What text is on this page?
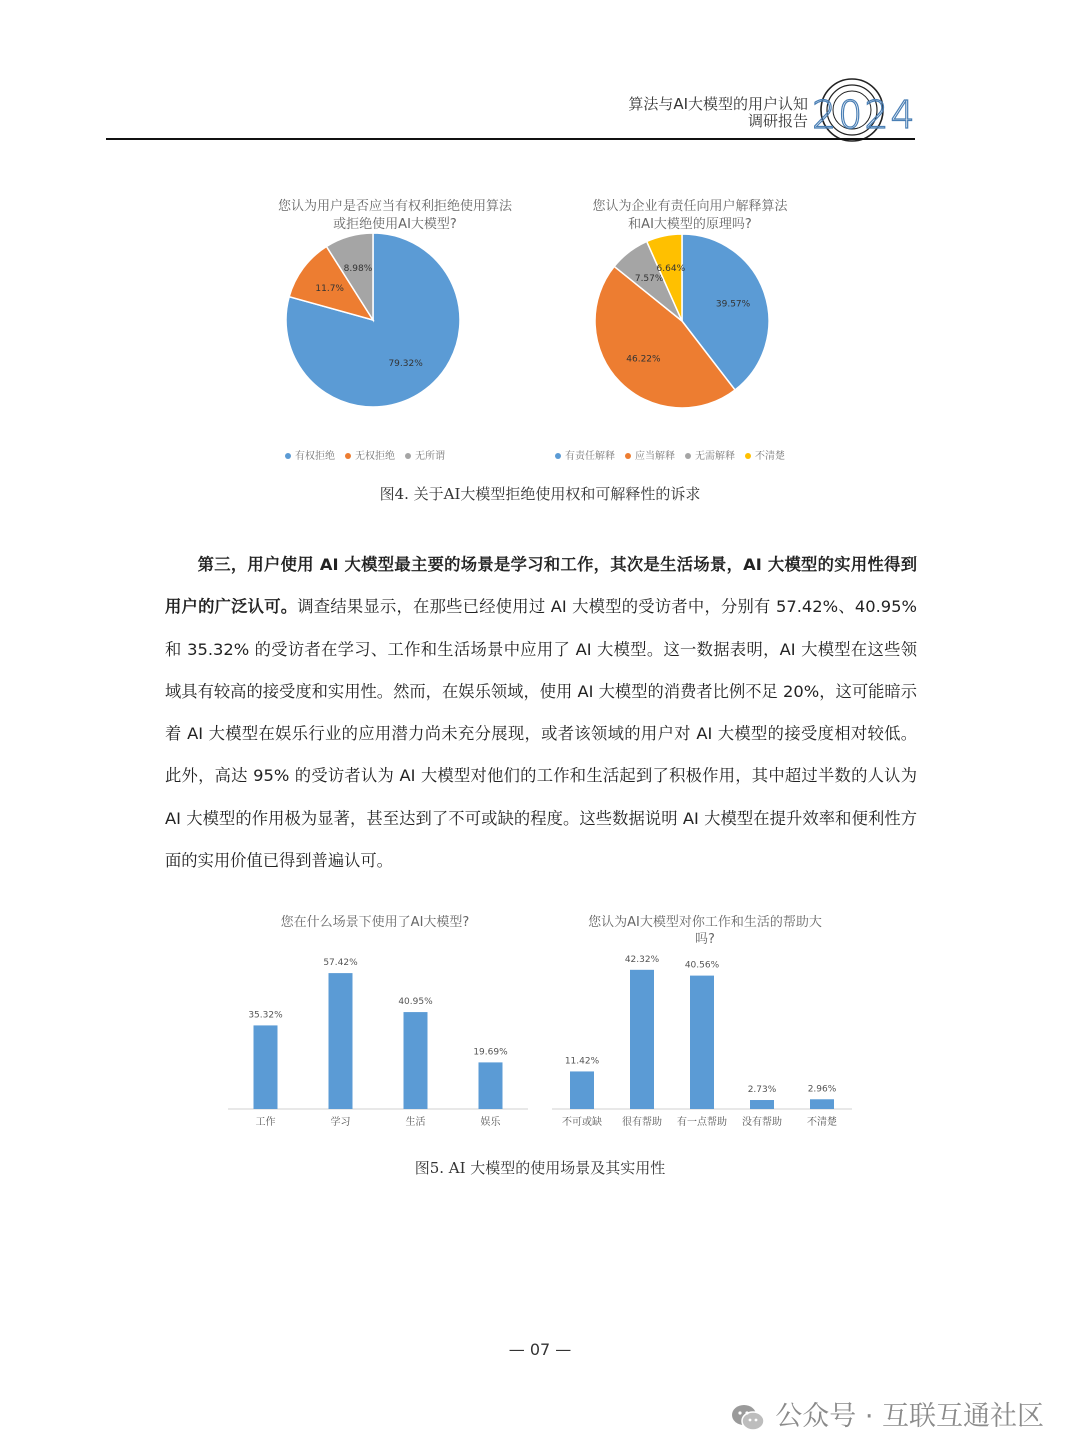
算法与AI大模型的用户认知
调研报告 2024
您认为用户是否应当有权利拒绝使用算法
或拒绝使用AI大模型?
79.32%
11.7%
8.98%
有权拒绝 无权拒绝 无所谓
您认为企业有责任向用户解释算法
和AI大模型的原理吗?
39.57%
46.22%
7.57%
6.64%
有责任解释 应当解释 无需解释 不清楚
图4. 关于AI大模型拒绝使用权和可解释性的诉求
第三，用户使用 AI 大模型最主要的场景是学习和工作，其次是生活场景，AI 大模型的实用性得到用户的广泛认可。调查结果显示，在那些已经使用过 AI 大模型的受访者中，分别有 57.42%、40.95% 和 35.32% 的受访者在学习、工作和生活场景中应用了 AI 大模型。这一数据表明，AI 大模型在这些领域具有较高的接受度和实用性。然而，在娱乐领域，使用 AI 大模型的消费者比例不足 20%，这可能暗示着 AI 大模型在娱乐行业的应用潜力尚未充分展现，或者该领域的用户对 AI 大模型的接受度相对较低。此外，高达 95% 的受访者认为 AI 大模型对他们的工作和生活起到了积极作用，其中超过半数的人认为 AI 大模型的作用极为显著，甚至达到了不可或缺的程度。这些数据说明 AI 大模型在提升效率和便利性方面的实用价值已得到普遍认可。
您在什么场景下使用了AI大模型?
35.32%
工作
57.42%
学习
40.95%
生活
19.69%
娱乐
您认为AI大模型对你工作和生活的帮助大
吗?
11.42%
不可或缺
42.32%
很有帮助
40.56%
有一点帮助
2.73%
没有帮助
2.96%
不清楚
图5. AI 大模型的使用场景及其实用性
— 07 —
公众号 · 互联互通社区
